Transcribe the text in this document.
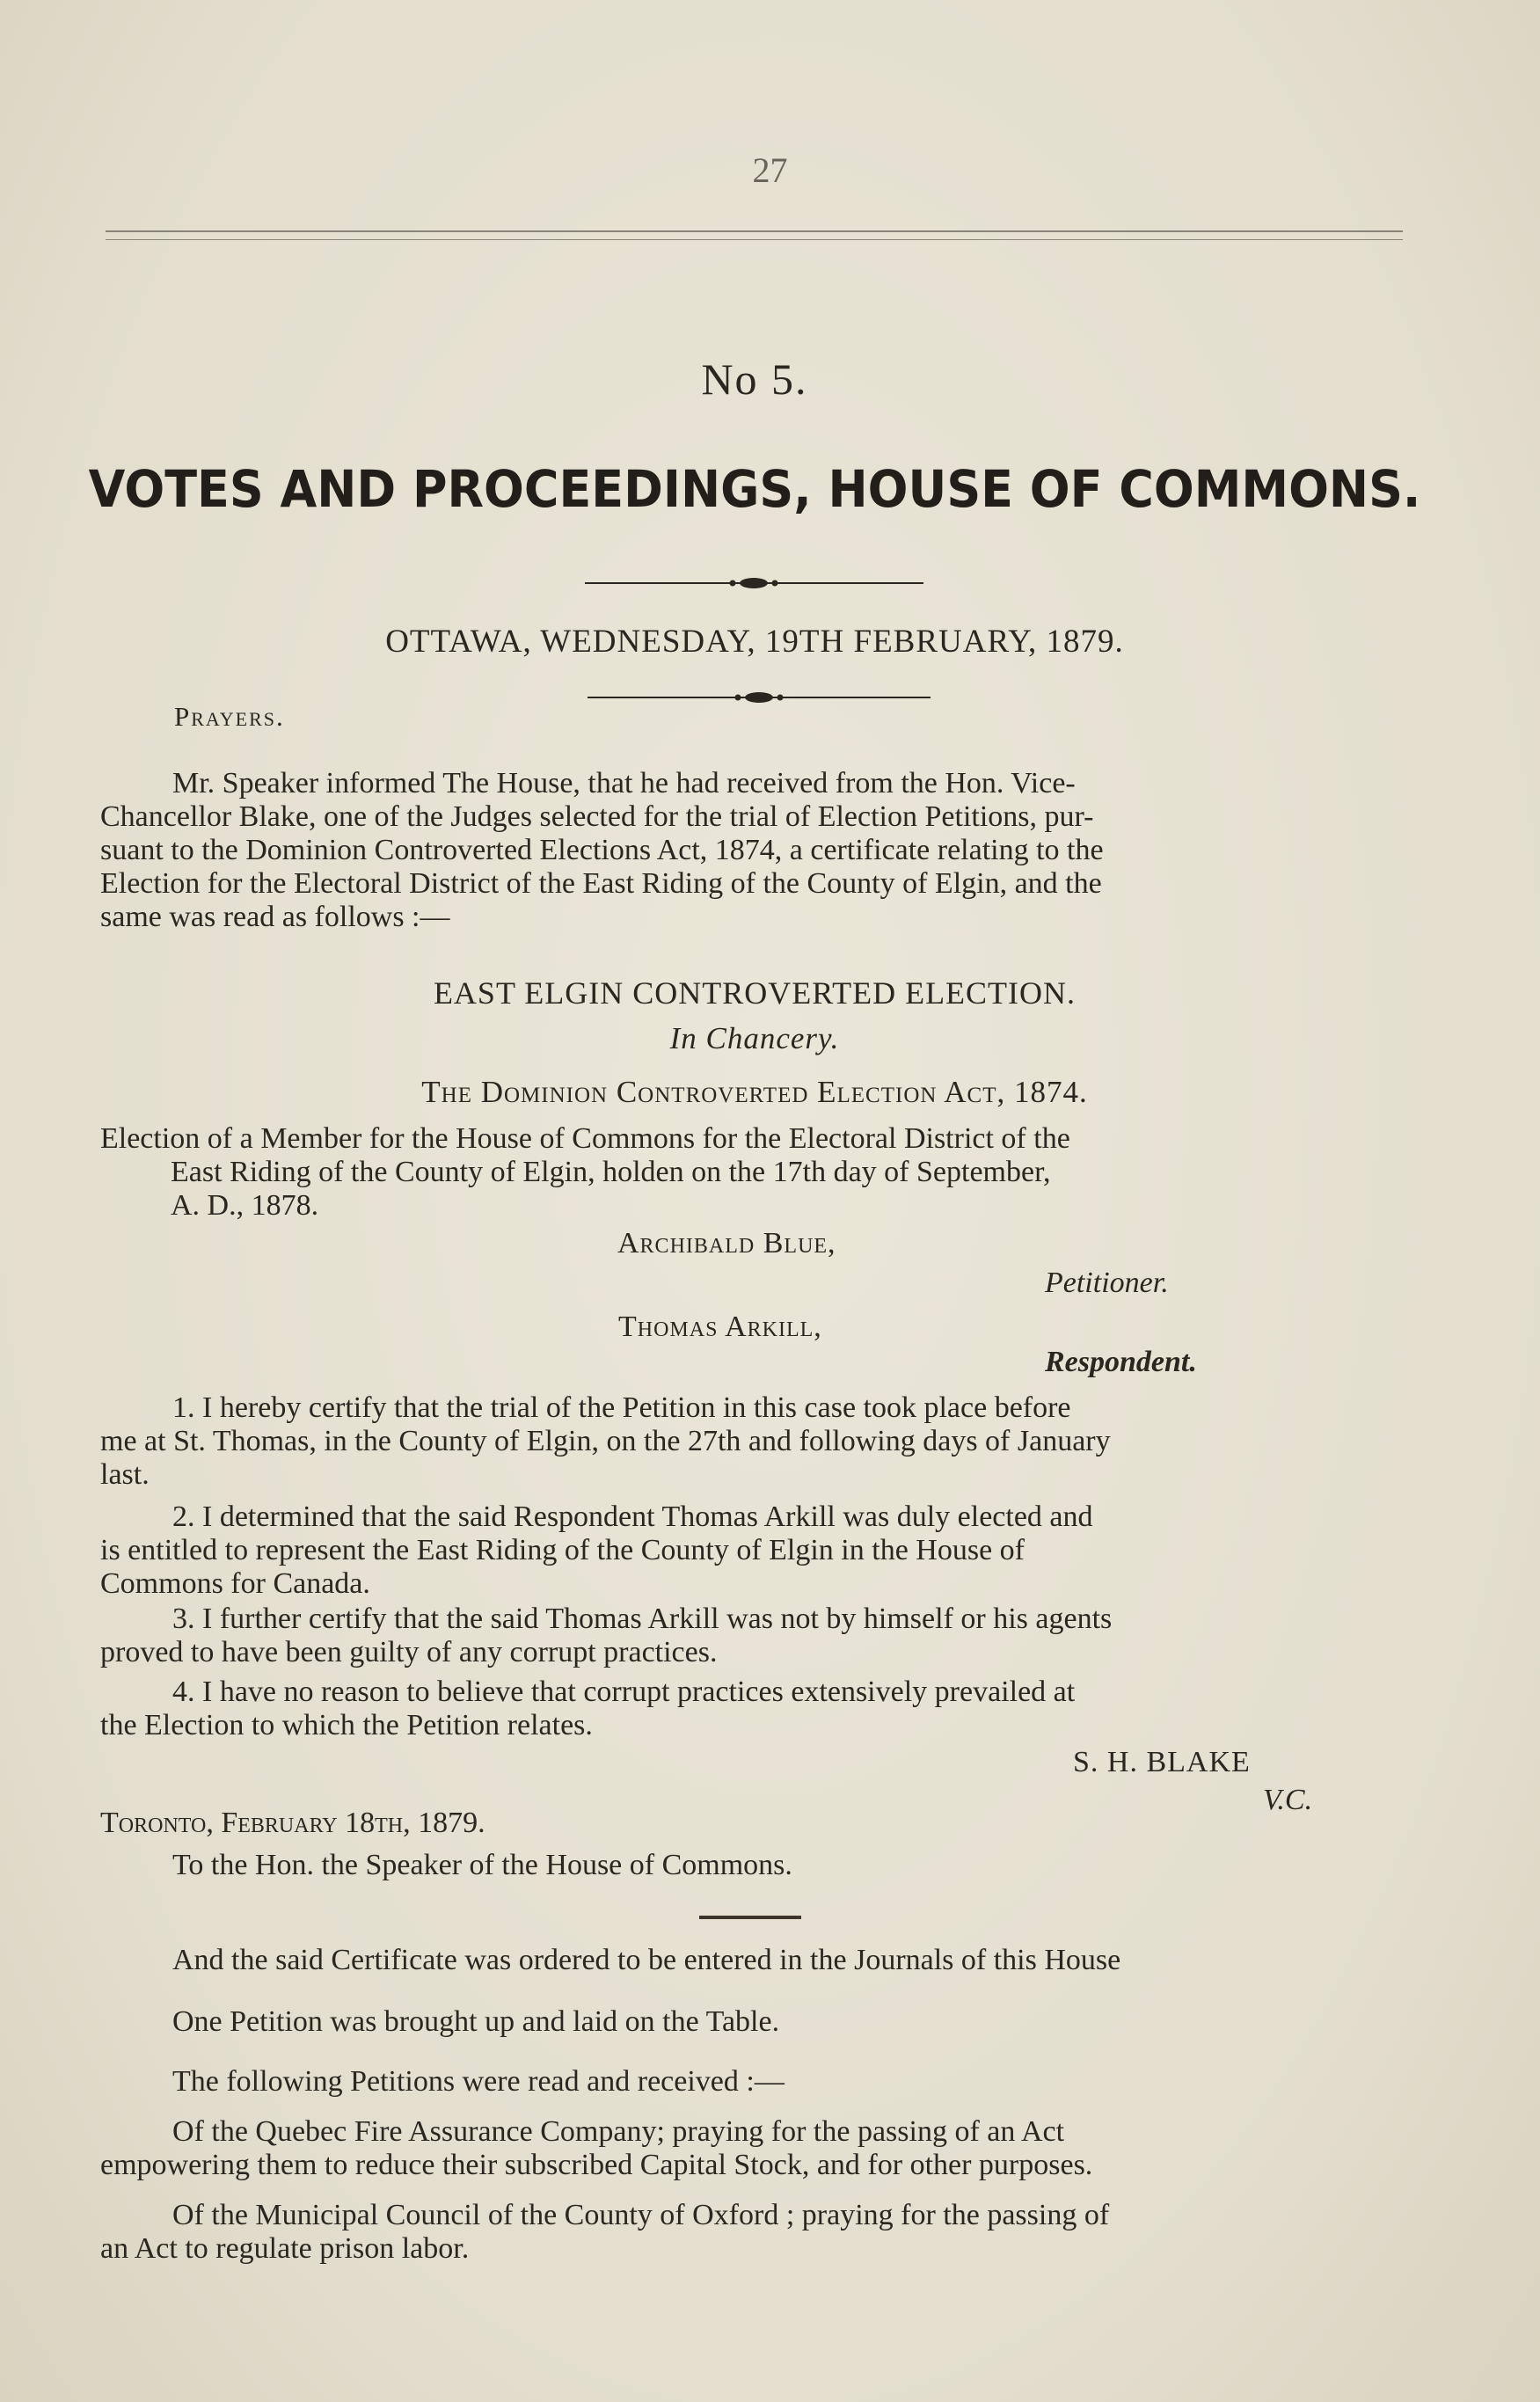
27
No 5.
VOTES AND PROCEEDINGS, HOUSE OF COMMONS.
OTTAWA, WEDNESDAY, 19TH FEBRUARY, 1879.
Prayers.
Mr. Speaker informed The House, that he had received from the Hon. Vice-
Chancellor Blake, one of the Judges selected for the trial of Election Petitions, pur-
suant to the Dominion Controverted Elections Act, 1874, a certificate relating to the
Election for the Electoral District of the East Riding of the County of Elgin, and the
same was read as follows :—
EAST ELGIN CONTROVERTED ELECTION.
In Chancery.
The Dominion Controverted Election Act, 1874.
Election of a Member for the House of Commons for the Electoral District of the
East Riding of the County of Elgin, holden on the 17th day of September,
A. D., 1878.
Archibald Blue,
Petitioner.
Thomas Arkill,
Respondent.
1. I hereby certify that the trial of the Petition in this case took place before
me at St. Thomas, in the County of Elgin, on the 27th and following days of January
last.
2. I determined that the said Respondent Thomas Arkill was duly elected and
is entitled to represent the East Riding of the County of Elgin in the House of
Commons for Canada.
3. I further certify that the said Thomas Arkill was not by himself or his agents
proved to have been guilty of any corrupt practices.
4. I have no reason to believe that corrupt practices extensively prevailed at
the Election to which the Petition relates.
S. H. BLAKE
V.C.
Toronto, February 18th, 1879.
To the Hon. the Speaker of the House of Commons.
And the said Certificate was ordered to be entered in the Journals of this House
One Petition was brought up and laid on the Table.
The following Petitions were read and received :—
Of the Quebec Fire Assurance Company; praying for the passing of an Act
empowering them to reduce their subscribed Capital Stock, and for other purposes.
Of the Municipal Council of the County of Oxford ; praying for the passing of
an Act to regulate prison labor.
